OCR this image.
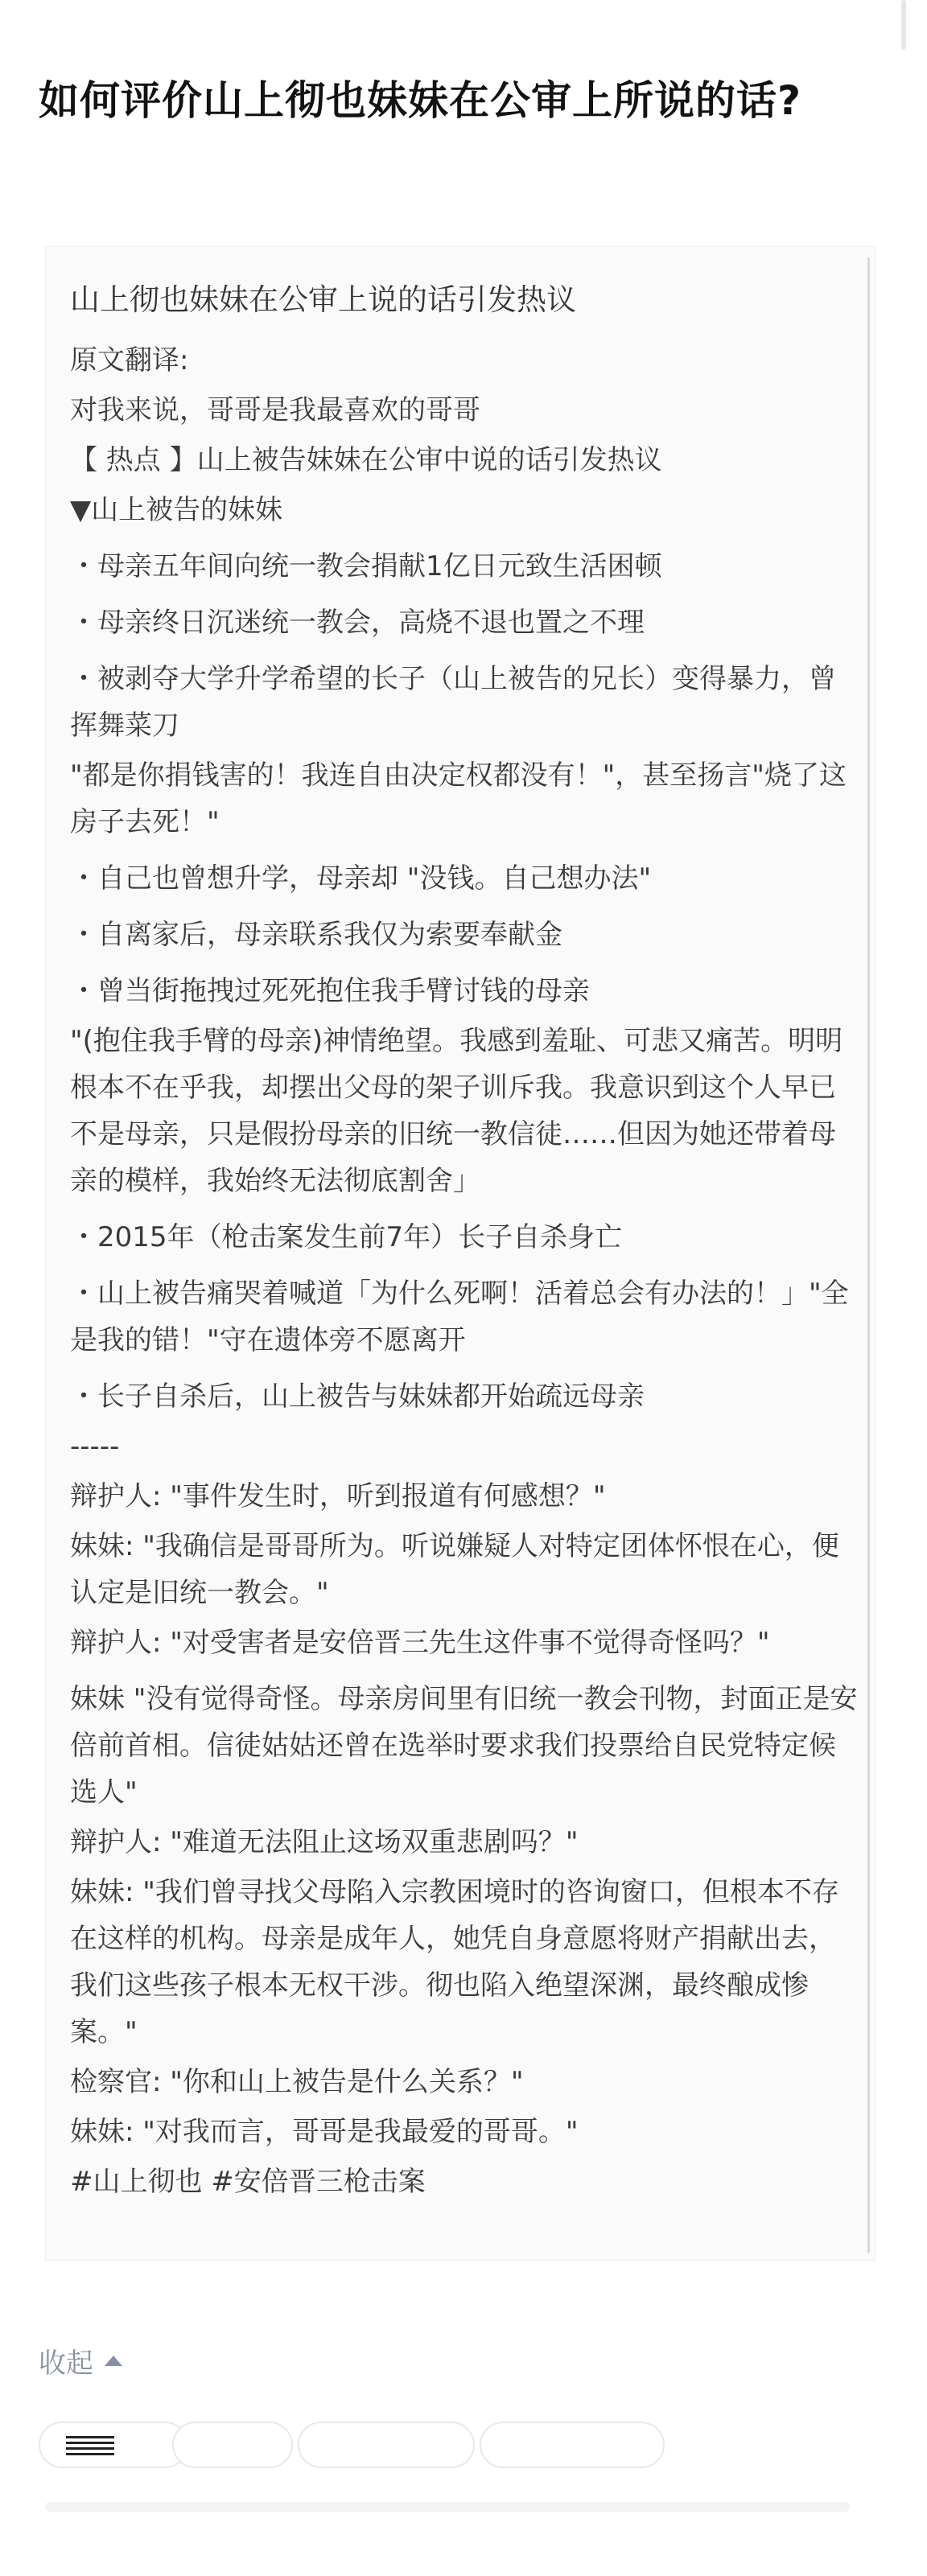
如何评价山上彻也妹妹在公审上所说的话?
山上彻也妹妹在公审上说的话引发热议

原文翻译:

对我来说，哥哥是我最喜欢的哥哥

【 热点 】山上被告妹妹在公审中说的话引发热议

▼山上被告的妹妹

・母亲五年间向统一教会捐献1亿日元致生活困顿

・母亲终日沉迷统一教会，高烧不退也置之不理

・被剥夺大学升学希望的长子（山上被告的兄长）变得暴力，曾挥舞菜刀

"都是你捐钱害的！我连自由决定权都没有！"，甚至扬言"烧了这房子去死！"

・自己也曾想升学，母亲却 "没钱。自己想办法"

・自离家后，母亲联系我仅为索要奉献金

・曾当街拖拽过死死抱住我手臂讨钱的母亲

"(抱住我手臂的母亲)神情绝望。我感到羞耻、可悲又痛苦。明明根本不在乎我，却摆出父母的架子训斥我。我意识到这个人早已不是母亲，只是假扮母亲的旧统一教信徒……但因为她还带着母亲的模样，我始终无法彻底割舍」

・2015年（枪击案发生前7年）长子自杀身亡

・山上被告痛哭着喊道「为什么死啊！活着总会有办法的！」"全是我的错！"守在遗体旁不愿离开

・长子自杀后，山上被告与妹妹都开始疏远母亲

-----

辩护人: "事件发生时，听到报道有何感想？"

妹妹: "我确信是哥哥所为。听说嫌疑人对特定团体怀恨在心，便认定是旧统一教会。"

辩护人: "对受害者是安倍晋三先生这件事不觉得奇怪吗？"

妹妹 "没有觉得奇怪。母亲房间里有旧统一教会刊物，封面正是安倍前首相。信徒姑姑还曾在选举时要求我们投票给自民党特定候选人"

辩护人: "难道无法阻止这场双重悲剧吗？"

妹妹: "我们曾寻找父母陷入宗教困境时的咨询窗口，但根本不存在这样的机构。母亲是成年人，她凭自身意愿将财产捐献出去，我们这些孩子根本无权干涉。彻也陷入绝望深渊，最终酿成惨案。"

检察官: "你和山上被告是什么关系？"

妹妹: "对我而言，哥哥是我最爱的哥哥。"

#山上彻也 #安倍晋三枪击案

收起
